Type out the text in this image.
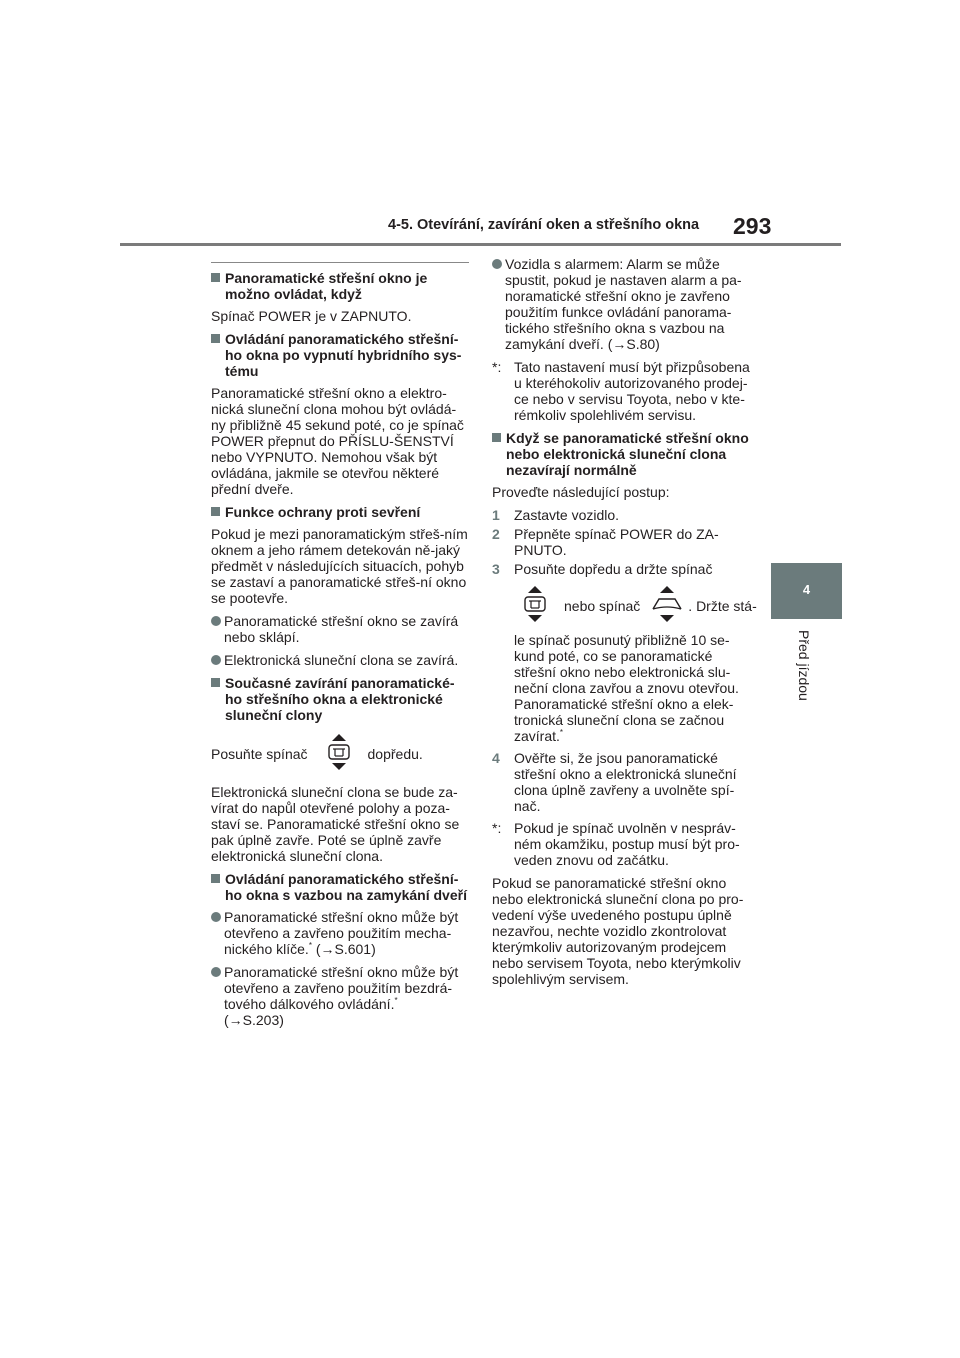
4-5. Otevírání, zavírání oken a střešního okna 293
4
Před jízdou
Panoramatické střešní okno je možno ovládat, když

Spínač POWER je v ZAPNUTO.

Ovládání panoramatického střešní-ho okna po vypnutí hybridního sys-tému

Panoramatické střešní okno a elektro-nická sluneční clona mohou být ovládá-ny přibližně 45 sekund poté, co je spínač POWER přepnut do PŘÍSLU-ŠENSTVÍ nebo VYPNUTO. Nemohou však být ovládána, jakmile se otevřou některé přední dveře.

Funkce ochrany proti sevření

Pokud je mezi panoramatickým střeš-ním oknem a jeho rámem detekován ně-jaký předmět v následujících situacích, pohyb se zastaví a panoramatické střeš-ní okno se pootevře.

Panoramatické střešní okno se zavírá nebo sklápí.
Elektronická sluneční clona se zavírá.
Současné zavírání panoramatické-ho střešního okna a elektronické sluneční clony
Posuňte spínač	dopředu.

Elektronická sluneční clona se bude za-vírat do napůl otevřené polohy a poza-staví se. Panoramatické střešní okno se pak úplně zavře. Poté se úplně zavře elektronická sluneční clona.

Ovládání panoramatického střešní-ho okna s vazbou na zamykání dveří
Panoramatické střešní okno může být otevřeno a zavřeno použitím mecha-nického klíče.* (→S.601)
Panoramatické střešní okno může být otevřeno a zavřeno použitím bezdrá-tového dálkového ovládání.*
(→S.203)
Vozidla s alarmem: Alarm se může spustit, pokud je nastaven alarm a pa-noramatické střešní okno je zavřeno použitím funkce ovládání panorama-tického střešního okna s vazbou na zamykání dveří. (→S.80)
*: Tato nastavení musí být přizpůsobena u kteréhokoliv autorizovaného prodej-ce nebo v servisu Toyota, nebo v kte-rémkoliv spolehlivém servisu.
Když se panoramatické střešní okno nebo elektronická sluneční clona nezavírají normálně

Proveďte následující postup:

1 Zastavte vozidlo.
2 Přepněte spínač POWER do ZA-PNUTO.
3 Posuňte dopředu a držte spínač
nebo spínač	. Držte stá-
le spínač posunutý přibližně 10 se-kund poté, co se panoramatické střešní okno nebo elektronická slu-neční clona zavřou a znovu otevřou. Panoramatické střešní okno a elek-tronická sluneční clona se začnou zavírat.*
4 Ověřte si, že jsou panoramatické střešní okno a elektronická sluneční clona úplně zavřeny a uvolněte spí-nač.
*: Pokud je spínač uvolněn v nespráv-ném okamžiku, postup musí být pro-veden znovu od začátku.

Pokud se panoramatické střešní okno nebo elektronická sluneční clona po pro-vedení výše uvedeného postupu úplně nezavřou, nechte vozidlo zkontrolovat kterýmkoliv autorizovaným prodejcem nebo servisem Toyota, nebo kterýmkoliv spolehlivým servisem.
